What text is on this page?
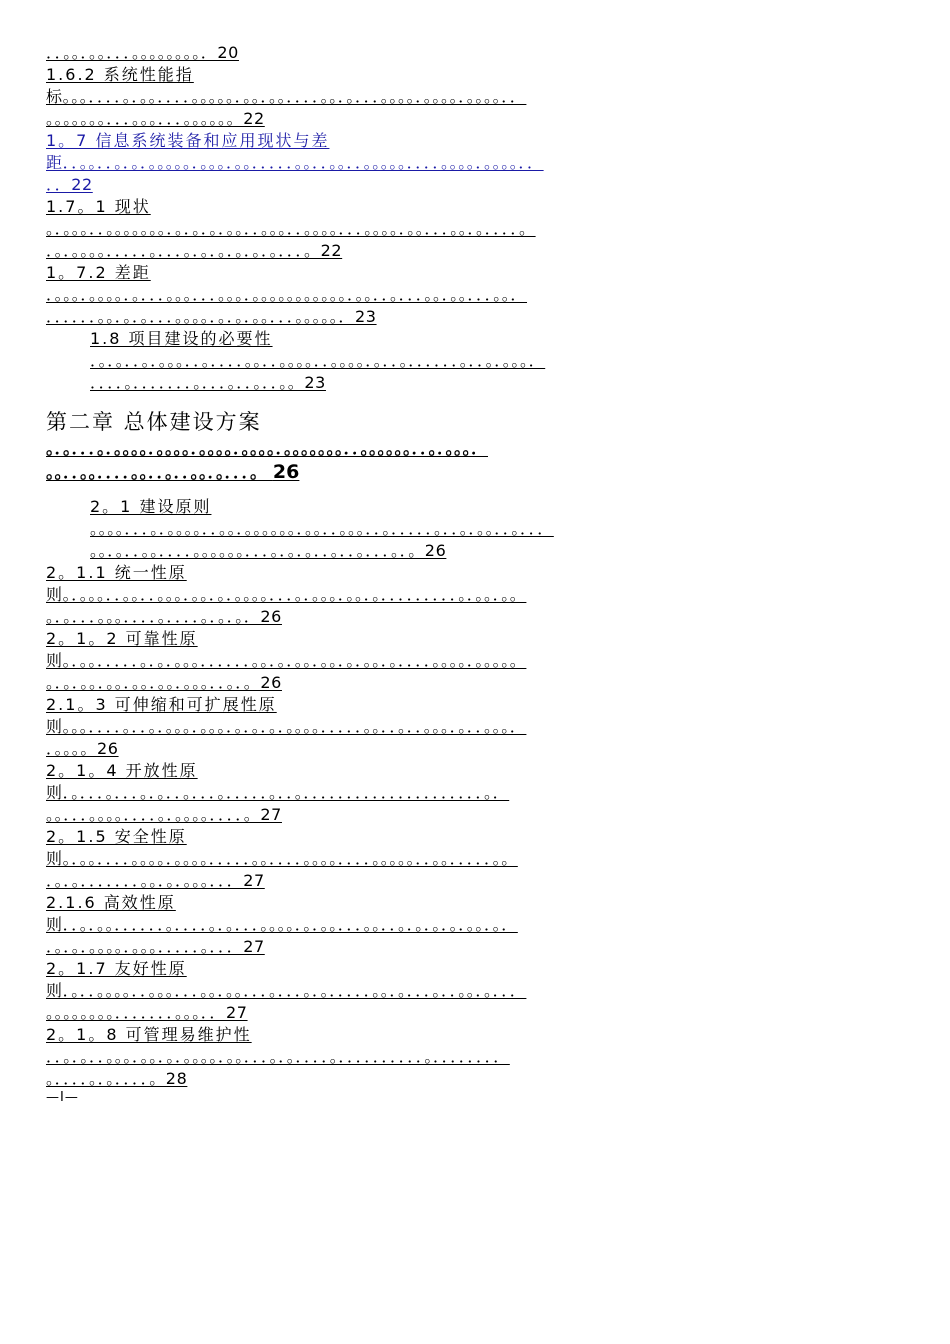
．．。。．。。．．．。。。。。。。。．20
1.6.2 系统性能指
标。。。．．．．。．。。．．．．。。。。。．。。．。。．．．．。。．。．．．。。。。．。。。。．。。。。．．
。。。。。。。．．．。。。．．．。。。。。。22
1。7 信息系统装备和应用现状与差
距．．。。．．。．。．。。。。。．。。。．。。．．．．．。。．．。。．．。。。。。．．．．。。。。．。。。。．．
．．22
1.7。1 现状
。．。。。．．。。。。。。。．。．。．。．。。．．。。。．．。。。。．．．。。。。．。。．．．。。．。．．．．。
．。．。。。。．．．．．。．．．。．。．。．。．。．。．．．。22
1。7.2 差距
．。。。．。。。。．。．．．。。。．．．。。。．。。。。。。。。。。。．。。．．。．．．。。．。。．．．。。．
．．．．．．。。．。．。．．．。。。。．。．。．。。．．．。。。。。．23
1.8 项目建设的必要性
．。．。．．。．。。。．．。．．．．。。．．。。。。．．。。。。．。．．。．．．．．．。．．。．。。。．
．．．．。．．．．．．．。．．．。．．。．．。。23
第二章 总体建设方案
。．。．．．。．。。。。．。。。。．。。。。．。。。。．。。。。。。。．．。。。。。。．．。．。。。．
。。．．。。．．．．。。．．。．．。。．。．．．。 26
2。1 建设原则
。。。。．．．。．。。。。．．。。．。。。。。。．。。．．。。。．．。．．．．．。．．。．。。．．。．．．
。。．。．．。。．．．．。。。。。。．．．。．。．。．．。．．。．．．。．。26
2。1.1 统一性原
则。．。。。．．。。．．。。。．。。．。．。。。。．．．。．。。。．。。．。．．．．．．．．．。．。。．。。
。．。．．．。。。．．．．。．．．．。．。．。．26
2。1。2 可靠性原
则。．。。．．．．．。．。．。。。．．．．．．。。．。．。。．。。．。．。。．。．．．．。。。。．。。。。。
。．。．。。．。。．。。．。。．。。。．．。．。26
2.1。3 可伸缩和可扩展性原
则。。。．．．．。．．。．。。。．。。。．。．。．。．。。。。．．．．．。。．．。．．。。。．。．．。。。．
．。。。。26
2。1。4 开放性原
则．。．．．。．．．。．。．．。．．．。．．．．．。．．。．．．．．．．．．．．．．．．．．．．．．。．
。。．．．。。。。．．．．。．。。。。．．．．。27
2。1.5 安全性原
则。．。。．．．．。。。。．。。。。．．．．．。。．．．．。。。。．．．．。。。。。．．。。．．．．．。。
．。．。．．．．．．．。。．。．。。。．．．27
2.1.6 高效性原
则．．。．。。．．．．．．。．．．．。．。．．．。。。。．。．。。．．．。。．．。．。．。．。．。。．。．
．。．。．。。。。．。。。．．．．．。．．．27
2。1.7 友好性原
则．。．．。。。。．．。。。．．．。。．。。．．．。．．．。．。．．．．．。。．。．．．。．．。。．。．．．
。。。。。。。。．．．．．．．。。。．．27
2。1。8 可管理易维护性
．．。．。．．。。。．。。．。．。。。。．。。．．．。．。．．．．。．．．．．．．．．．。．．．．．．．．
。．．．．。．。．．．．。28
—I—
